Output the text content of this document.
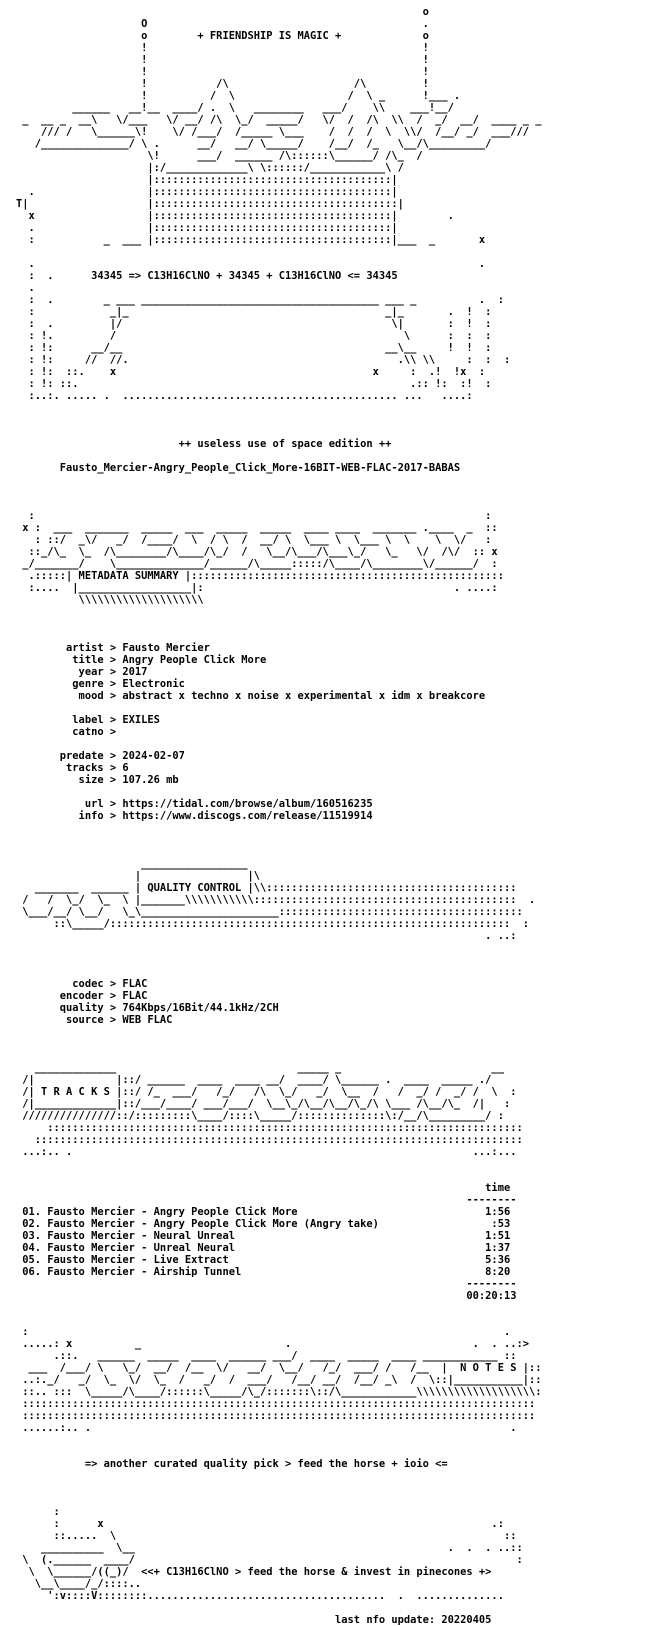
o
O                                            .
o        + FRIENDSHIP IS MAGIC +             o
!                                            !
!                                            !
!                                            !
!           /\                    /\         !
!          /  \                  /  \ _      !___ .
______   __!__  ____/ .  \   ________   ___/    \\    ___!__/
_  __ _  __\   \/___   \/ __/ /\  \_/  _____/   \/  /  /\  \\  /  _/  __/  ____ _ _
/// /   \______\!    \/ /___/  /_____ \___    /  /  /  \  \\/  /__/ _/  ___///
/______________/ \ .      __/   __/ \_____/    /__/  /_   \__/\_________/
\!      ___/  ______ /\::::::\______/ /\_  /
|:/_____________\ \::::::/____________\ /
|::::::::::::::::::::::::::::::::::::::|
.                  |::::::::::::::::::::::::::::::::::::::|
T|                   |:::::::::::::::::::::::::::::::::::::::|
x                  |::::::::::::::::::::::::::::::::::::::|        .
.                  |::::::::::::::::::::::::::::::::::::::|
:           _  ___ |::::::::::::::::::::::::::::::::::::::|___  _       x

.                                                                       .
:  .      34345 => C13H16ClNO + 34345 + C13H16ClNO <= 34345
.
:  .        _ ___ ______________________________________ ___ _          .  :
:            _|_                                         _|_       .  !  :
:  .         |/                                           \|       :  !  :
: !.         /                                              \      :  :  :
: !:      __/__                                          __\__     !  !  :
: !:     //  //.                                           .\\ \\     :  :  :
: !:  ::.    x                                         x     :  .!  !x  :
: !: ::.                                                     .:: !:  :!  :
:..:. ..... .  ............................................ ...   ....:

++ useless use of space edition ++

Fausto_Mercier-Angry_People_Click_More-16BIT-WEB-FLAC-2017-BABAS

:                                                                        :
x :  ___  _______  _____  ___  _____  _____  ____ ____  _______ .____  _  ::
: ::/  _\/   _/  /____/  \  / \  /  __/ \  \___ \  \___ \  \    \  \/   :
::_/\_  \_  /\________/\____/\_/  /   \__/\___/\___\_/   \_   \/  /\/  :: x
_/_______/    \______________/______/\_____:::::/\____/\________\/______/  :
.:::::| METADATA SUMMARY |::::::::::::::::::::::::::::::::::::::::::::::::::
:....  |__________________|:                                        . ....:
\\\\\\\\\\\\\\\\\\\\

artist > Fausto Mercier
title > Angry People Click More
year > 2017
genre > Electronic
mood > abstract x techno x noise x experimental x idm x breakcore

label > EXILES
catno >

predate > 2024-02-07
tracks > 6
size > 107.26 mb

url > https://tidal.com/browse/album/160516235
info > https://www.discogs.com/release/11519914

_________________
|                 |\
_______  ______ | QUALITY CONTROL |\\::::::::::::::::::::::::::::::::::::::::
/   /  \_/  \_  \ |_______\\\\\\\\\\\::::::::::::::::::::::::::::::::::::::::::  .
\___/__/ \__/   \_\______________________:::::::::::::::::::::::::::::::::::::::
::\_____/::::::::::::::::::::::::::::::::::::::::::::::::::::::::::::::::  :
. ..:

codec > FLAC
encoder > FLAC
quality > 764Kbps/16Bit/44.1kHz/2CH
source > WEB FLAC

_____________                             _____ _                        __
/|             |::/ ______  ____  ____ __/  ____/ \______ .  ____  _____ ./
/| T R A C K S |::/ /_  ___/   /_/   /\  \_/   _/  \__  /   /  _/ /  _/ /  \  :
/|_____________|::/___/____/ ___/___/  \__\_/\__/\__/\_/\ \___ /\__/\_  /|   :
///////////////::/:::::::::\____/::::\_____/::::::::::::::\:/__/\_________/ :
::::::::::::::::::::::::::::::::::::::::::::::::::::::::::::::::::::::::::::
::::::::::::::::::::::::::::::::::::::::::::::::::::::::::::::::::::::::::::::
...:.. .                                                                ...:...

time
--------
01. Fausto Mercier - Angry People Click More                              1:56
02. Fausto Mercier - Angry People Click More (Angry take)                  :53
03. Fausto Mercier - Neural Unreal                                        1:51
04. Fausto Mercier - Unreal Neural                                        1:37
05. Fausto Mercier - Live Extract                                         5:36
06. Fausto Mercier - Airship Tunnel                                       8:20
--------
00:20:13

:                                                                            .
.....: x          _                       .                             .  . ..:>
.::.   ______  _____  ____  ______ ___/  ____  _____  ____ ____________ ::
___  /___/ \   \_/  __/  /__  \/   __/  \__/   /_/  ___/ /   /__  |  N O T E S |::
..:._/   _/  \_  \/  \_  /   _/  /  ___/   /__/ __/  /__/ _\  /  \::|___________|::
::.. :::  \_____/\____/::::::\_____/\_/:::::::\::/\____________\\\\\\\\\\\\\\\\\\\:
::::::::::::::::::::::::::::::::::::::::::::::::::::::::::::::::::::::::::::::::::
::::::::::::::::::::::::::::::::::::::::::::::::::::::::::::::::::::::::::::::::::
......:.. .                                                                   .

=> another curated quality pick > feed the horse + ioio <=

:
:      x                                                              .:
::.....  \                                                              ::
__________  \__                                                  .  .  . ..::
\  (.______  ____/                                                             :
\  \______/((_)/  <<+ C13H16ClNO > feed the horse & invest in pinecones +>
\__\____/_/::::..
':v::::V::::::::......................................  .  ..............

last nfo update: 20220405
